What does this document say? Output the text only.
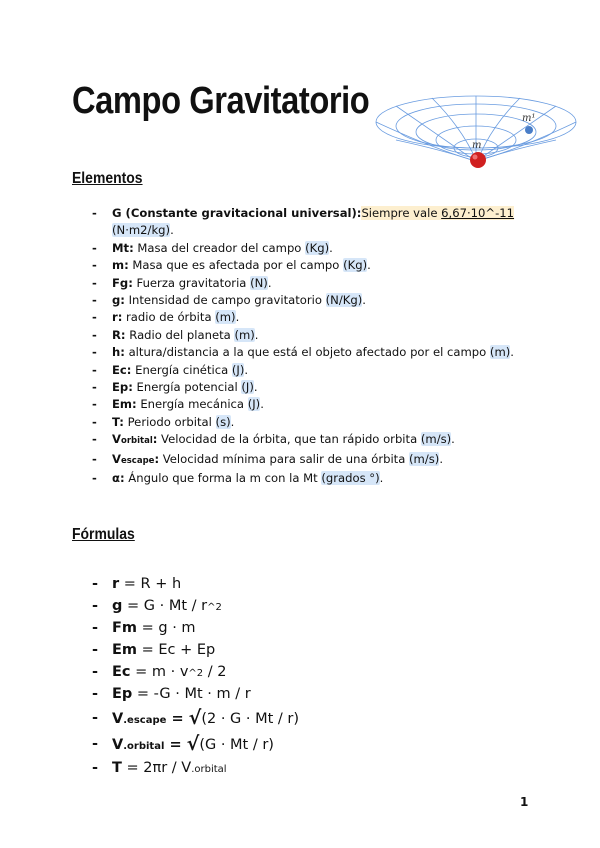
Campo Gravitatorio
m
m¹
Elementos
- G (Constante gravitacional universal):Siempre vale 6,67·10^-11
(N·m2/kg).
- Mt: Masa del creador del campo (Kg).
- m: Masa que es afectada por el campo (Kg).
- Fg: Fuerza gravitatoria (N).
- g: Intensidad de campo gravitatorio (N/Kg).
- r: radio de órbita (m).
- R: Radio del planeta (m).
- h: altura/distancia a la que está el objeto afectado por el campo (m).
- Ec: Energía cinética (J).
- Ep: Energía potencial (J).
- Em: Energía mecánica (J).
- T: Periodo orbital (s).
- Vorbital: Velocidad de la órbita, que tan rápido orbita (m/s).
- Vescape: Velocidad mínima para salir de una órbita (m/s).
- α: Ángulo que forma la m con la Mt (grados °).
Fórmulas
- r = R + h
- g = G · Mt / r^2
- Fm = g · m
- Em = Ec + Ep
- Ec = m · v^2 / 2
- Ep = -G · Mt · m / r
- V.escape = √(2 · G · Mt / r)
- V.orbital = √(G · Mt / r)
- T = 2πr / V.orbital
1
